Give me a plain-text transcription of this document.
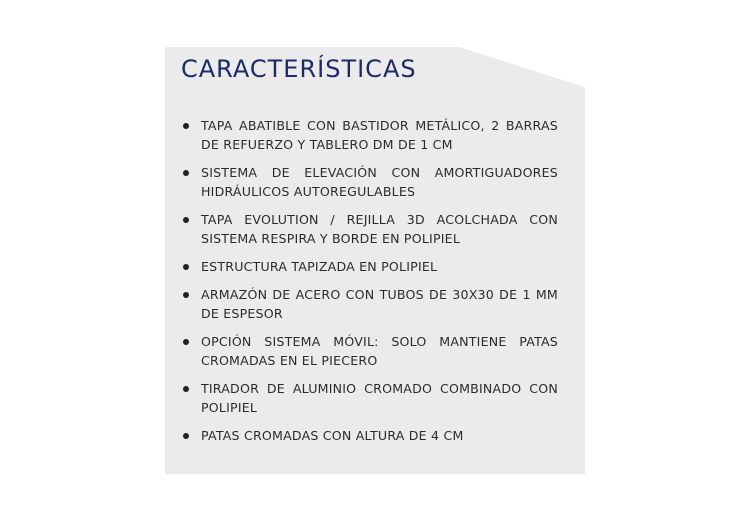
CARACTERÍSTICAS
TAPA ABATIBLE CON BASTIDOR METÁLICO, 2 BARRAS DE REFUERZO Y TABLERO DM DE 1 CM
SISTEMA DE ELEVACIÓN CON AMORTIGUADORES HIDRÁULICOS AUTOREGULABLES
TAPA EVOLUTION / REJILLA 3D ACOLCHADA CON SISTEMA RESPIRA Y BORDE EN POLIPIEL
ESTRUCTURA TAPIZADA EN POLIPIEL
ARMAZÓN DE ACERO CON TUBOS DE 30X30 DE 1 MM DE ESPESOR
OPCIÓN SISTEMA MÓVIL: SOLO MANTIENE PATAS CROMADAS EN EL PIECERO
TIRADOR DE ALUMINIO CROMADO COMBINADO CON POLIPIEL
PATAS CROMADAS CON ALTURA DE 4 CM
